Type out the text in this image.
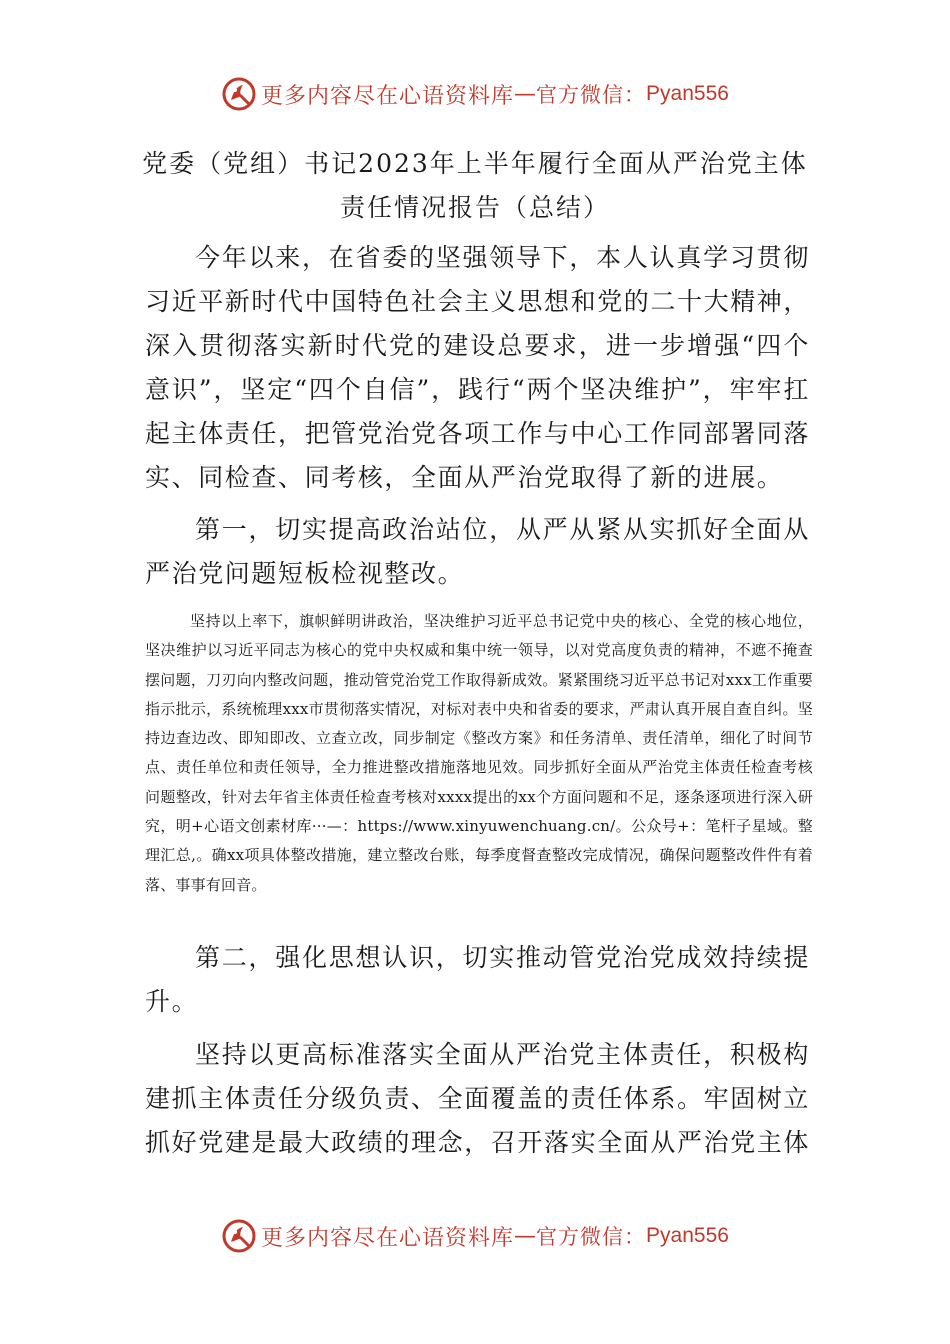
更多内容尽在心语资料库 — 官方微信： Pyan556
党委（党组）书记2023年上半年履行全面从严治党主体责任情况报告（总结）

今年以来，在省委的坚强领导下，本人认真学习贯彻习近平新时代中国特色社会主义思想和党的二十大精神，深入贯彻落实新时代党的建设总要求，进一步增强“四个意识”，坚定“四个自信”，践行“两个坚决维护”，牢牢扛起主体责任，把管党治党各项工作与中心工作同部署同落实、同检查、同考核，全面从严治党取得了新的进展。

第一，切实提高政治站位，从严从紧从实抓好全面从严治党问题短板检视整改。

坚持以上率下，旗帜鲜明讲政治，坚决维护习近平总书记党中央的核心、全党的核心地位，坚决维护以习近平同志为核心的党中央权威和集中统一领导，以对党高度负责的精神，不遮不掩查摆问题，刀刃向内整改问题，推动管党治党工作取得新成效。紧紧围绕习近平总书记对xxx工作重要指示批示，系统梳理xxx市贯彻落实情况，对标对表中央和省委的要求，严肃认真开展自查自纠。坚持边查边改、即知即改、立查立改，同步制定《整改方案》和任务清单、责任清单，细化了时间节点、责任单位和责任领导，全力推进整改措施落地见效。同步抓好全面从严治党主体责任检查考核问题整改，针对去年省主体责任检查考核对xxxx提出的xx个方面问题和不足，逐条逐项进行深入研究，明+心语文创素材库···—：https://www.xinyuwenchuang.cn/。公众号+：笔杆子星域。整理汇总,。确xx项具体整改措施，建立整改台账，每季度督查整改完成情况，确保问题整改件件有着落、事事有回音。

第二，强化思想认识，切实推动管党治党成效持续提升。

坚持以更高标准落实全面从严治党主体责任，积极构建抓主体责任分级负责、全面覆盖的责任体系。牢固树立抓好党建是最大政绩的理念，召开落实全面从严治党主体

更多内容尽在心语资料库 — 官方微信： Pyan556
